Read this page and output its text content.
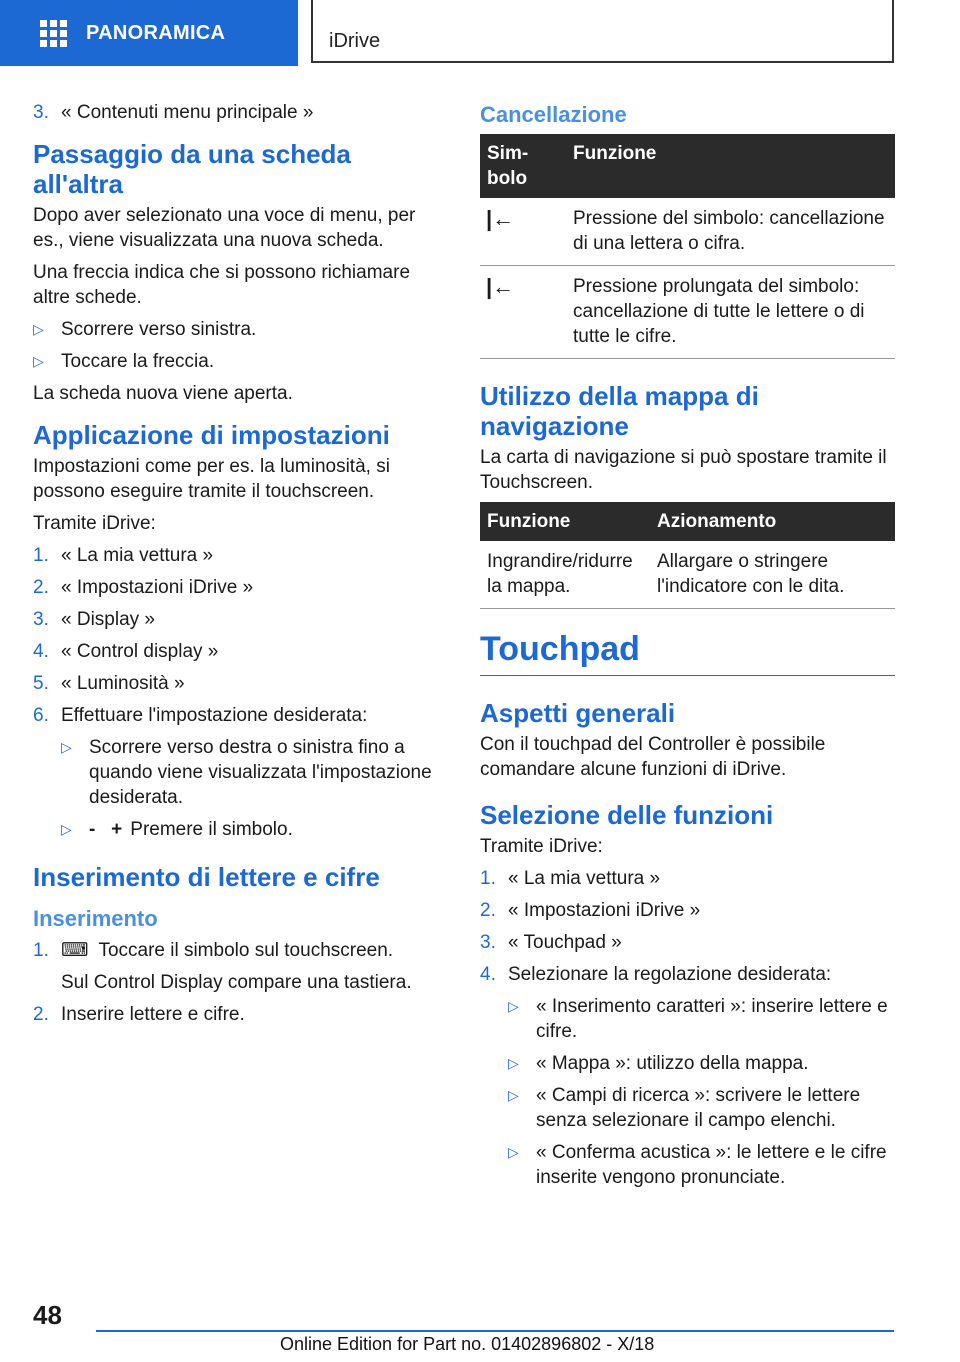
PANORAMICA	iDrive
3. « Contenuti menu principale »
Passaggio da una scheda all'altra

Dopo aver selezionato una voce di menu, per es., viene visualizzata una nuova scheda.

Una freccia indica che si possono richiamare altre schede.

▷ Scorrere verso sinistra.
▷ Toccare la freccia.

La scheda nuova viene aperta.

Applicazione di impostazioni

Impostazioni come per es. la luminosità, si possono eseguire tramite il touchscreen.

Tramite iDrive:

1. « La mia vettura »
2. « Impostazioni iDrive »
3. « Display »
4. « Control display »
5. « Luminosità »
6. Effettuare l'impostazione desiderata:
▷ Scorrere verso destra o sinistra fino a quando viene visualizzata l'impostazione desiderata.
▷ -   + Premere il simbolo.
Inserimento di lettere e cifre
Inserimento
1. ⌨ Toccare il simbolo sul touchscreen.

Sul Control Display compare una tastiera.

2. Inserire lettere e cifre.
Cancellazione
Sim-bolo	Funzione
|←	Pressione del simbolo: cancellazione di una lettera o cifra.
|←	Pressione prolungata del simbolo: cancellazione di tutte le lettere o di tutte le cifre.
Utilizzo della mappa di navigazione

La carta di navigazione si può spostare tramite il Touchscreen.

Funzione	Azionamento
Ingrandire/ridurre la mappa.	Allargare o stringere l'indicatore con le dita.
Touchpad
Aspetti generali

Con il touchpad del Controller è possibile comandare alcune funzioni di iDrive.

Selezione delle funzioni

Tramite iDrive:

1. « La mia vettura »
2. « Impostazioni iDrive »
3. « Touchpad »
4. Selezionare la regolazione desiderata:
▷ « Inserimento caratteri »: inserire lettere e cifre.
▷ « Mappa »: utilizzo della mappa.
▷ « Campi di ricerca »: scrivere le lettere senza selezionare il campo elenchi.
▷ « Conferma acustica »: le lettere e le cifre inserite vengono pronunciate.
48
Online Edition for Part no. 01402896802 - X/18
